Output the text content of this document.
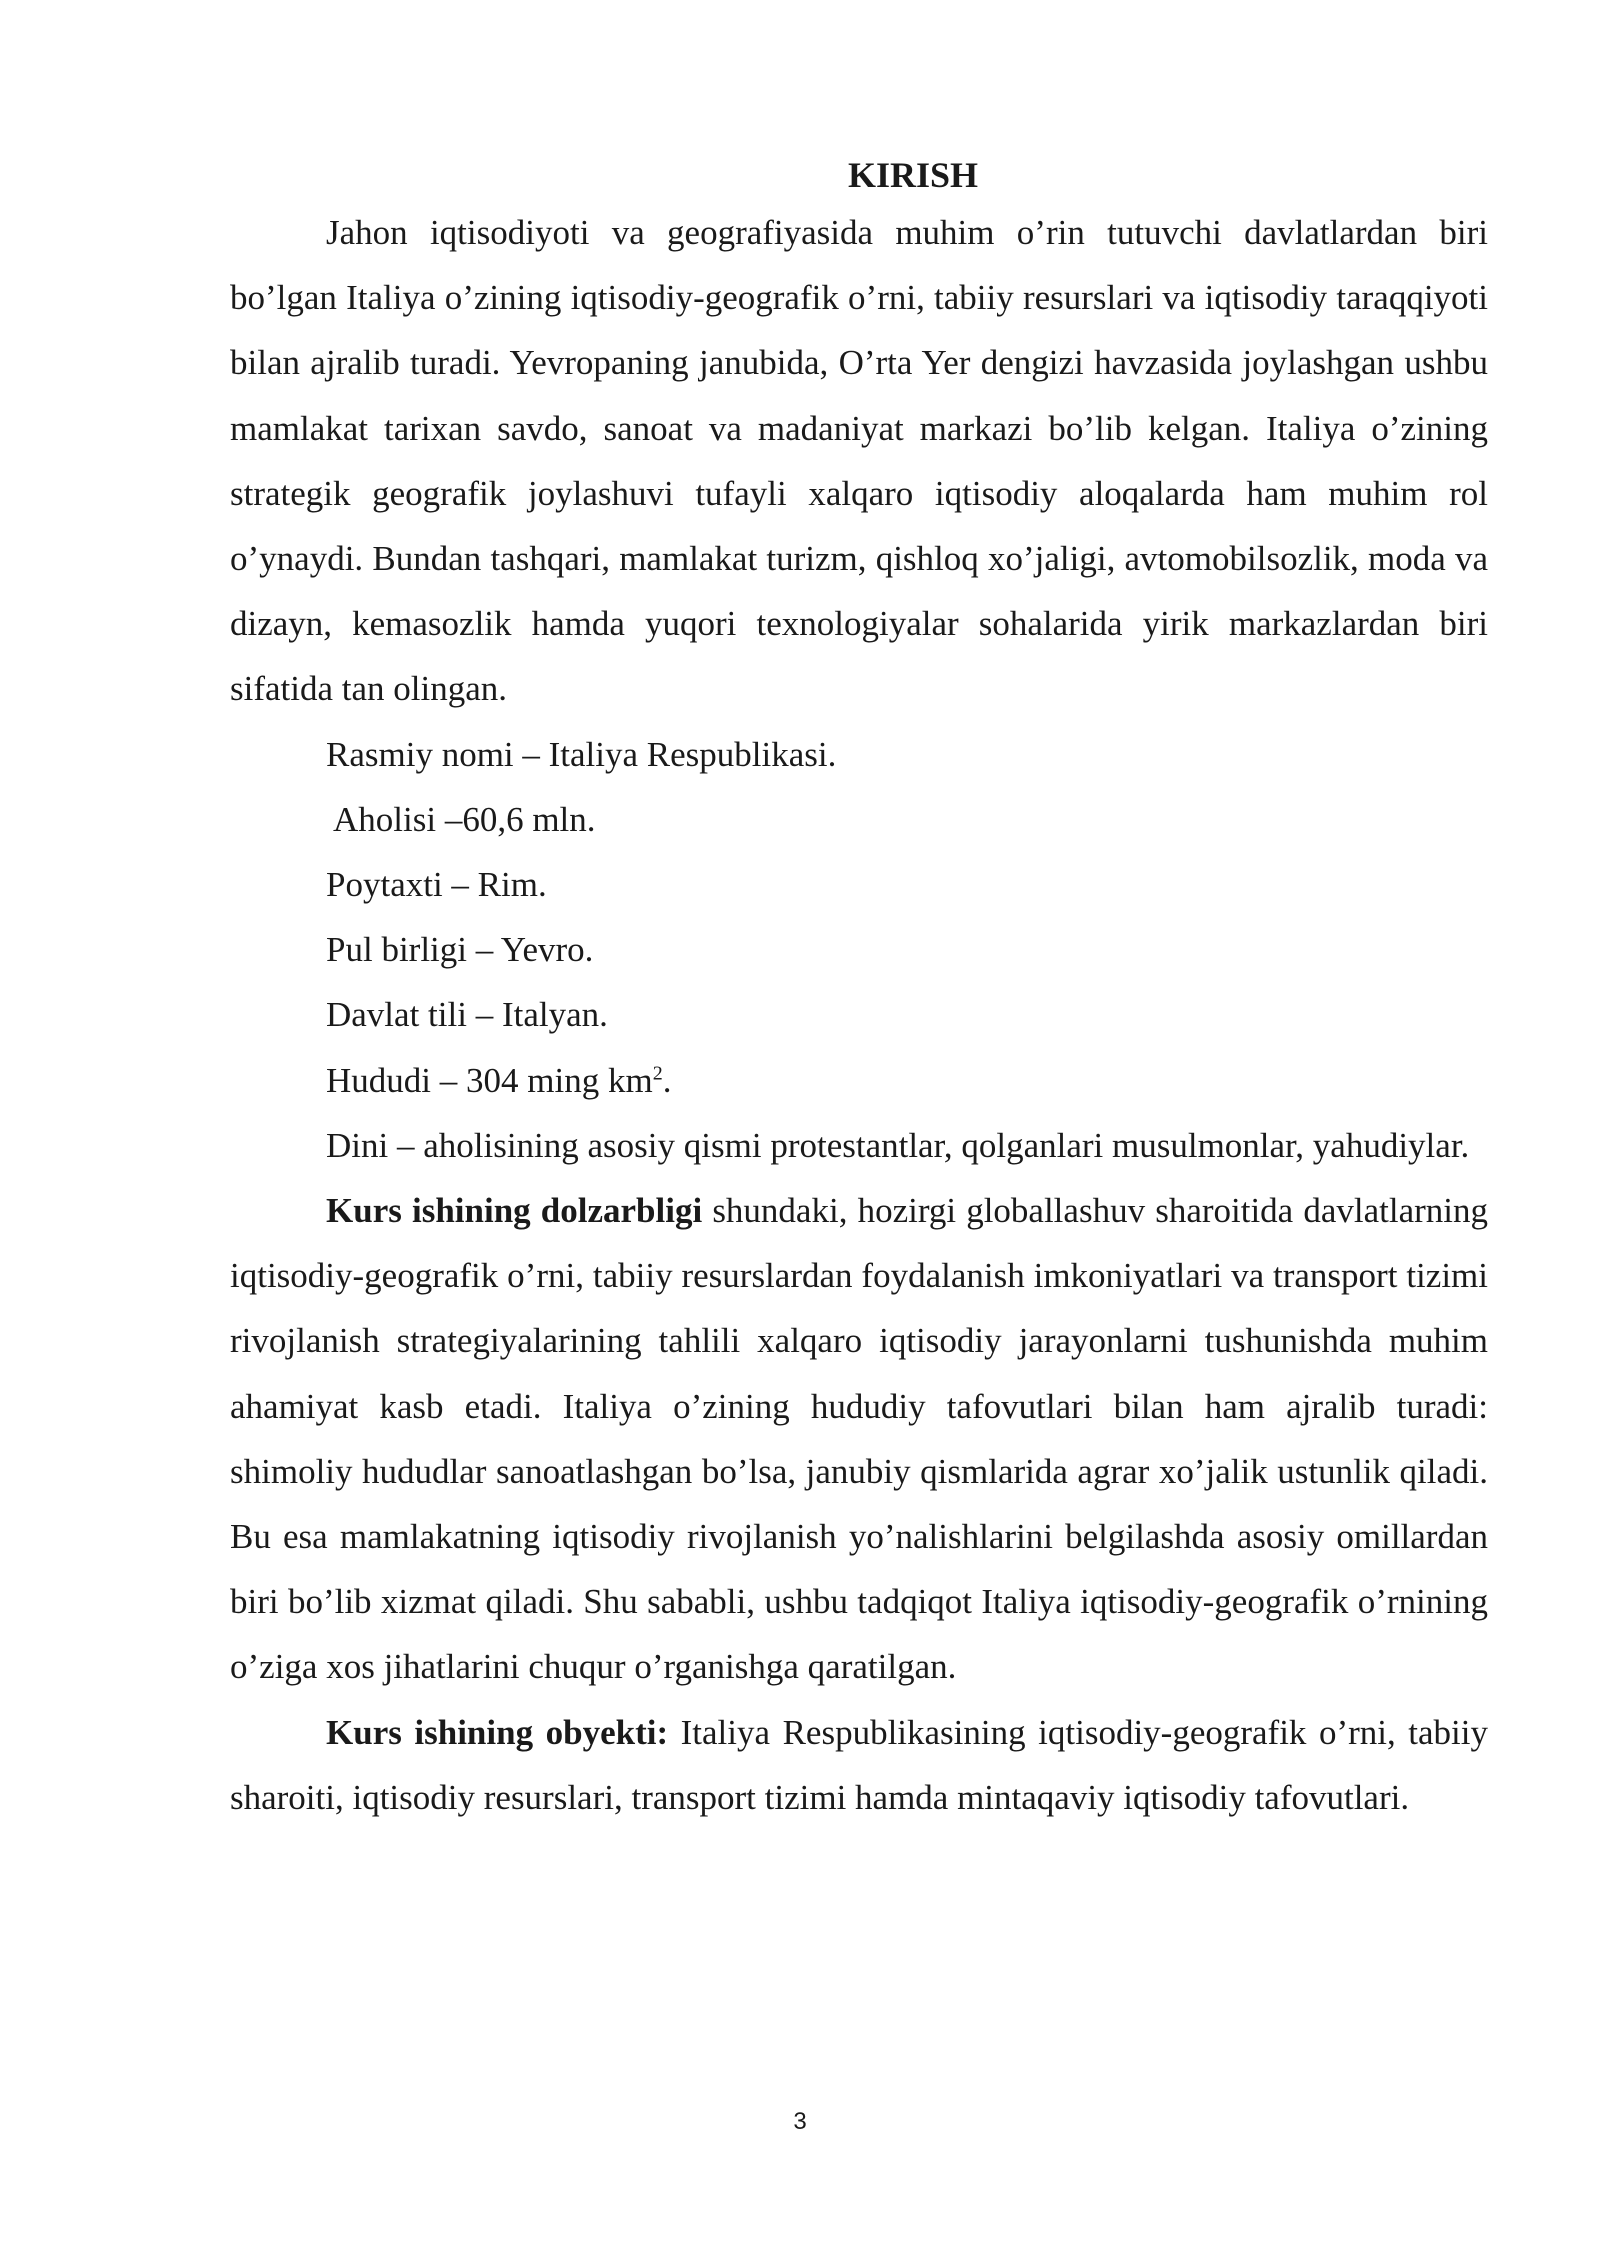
KIRISH

Jahon iqtisodiyoti va geografiyasida muhim o’rin tutuvchi davlatlardan biri bo’lgan Italiya o’zining iqtisodiy-geografik o’rni, tabiiy resurslari va iqtisodiy taraqqiyoti bilan ajralib turadi. Yevropaning janubida, O’rta Yer dengizi havzasida joylashgan ushbu mamlakat tarixan savdo, sanoat va madaniyat markazi bo’lib kelgan. Italiya o’zining strategik geografik joylashuvi tufayli xalqaro iqtisodiy aloqalarda ham muhim rol o’ynaydi. Bundan tashqari, mamlakat turizm, qishloq xo’jaligi, avtomobilsozlik, moda va dizayn, kemasozlik hamda yuqori texnologiyalar sohalarida yirik markazlardan biri sifatida tan olingan.

Rasmiy nomi – Italiya Respublikasi.

Aholisi –60,6 mln.

Poytaxti – Rim.

Pul birligi – Yevro.

Davlat tili – Italyan.

Hududi – 304 ming $km^2$.

Dini – aholisining asosiy qismi protestantlar, qolganlari musulmonlar, yahudiylar.

Kurs ishining dolzarbligi shundaki, hozirgi globallashuv sharoitida davlatlarning iqtisodiy-geografik o’rni, tabiiy resurslardan foydalanish imkoniyatlari va transport tizimi rivojlanish strategiyalarining tahlili xalqaro iqtisodiy jarayonlarni tushunishda muhim ahamiyat kasb etadi. Italiya o’zining hududiy tafovutlari bilan ham ajralib turadi: shimoliy hududlar sanoatlashgan bo’lsa, janubiy qismlarida agrar xo’jalik ustunlik qiladi. Bu esa mamlakatning iqtisodiy rivojlanish yo’nalishlarini belgilashda asosiy omillardan biri bo’lib xizmat qiladi. Shu sababli, ushbu tadqiqot Italiya iqtisodiy-geografik o’rnining o’ziga xos jihatlarini chuqur o’rganishga qaratilgan.

Kurs ishining obyekti: Italiya Respublikasining iqtisodiy-geografik o’rni, tabiiy sharoiti, iqtisodiy resurslari, transport tizimi hamda mintaqaviy iqtisodiy tafovutlari.

3
